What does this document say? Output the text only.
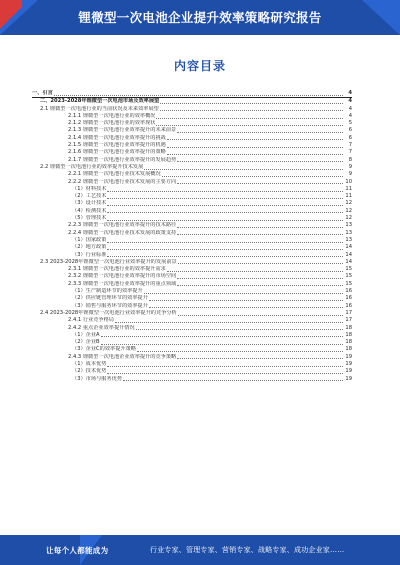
锂微型一次电池企业提升效率策略研究报告
内容目录
一、引言	4
二、2023-2028年锂微型一次电池市场及效率展望	4
2.1 锂微型一次电池行业的当前状况及未来效率展望	4
2.1.1 锂微型一次电池行业的效率概况	4
2.1.2 锂微型一次电池行业的效率现状	5
2.1.3 锂微型一次电池行业效率提升的未来前景	6
2.1.4 锂微型一次电池行业效率提升的挑战	6
2.1.5 锂微型一次电池行业效率提升的机遇	7
2.1.6 锂微型一次电池行业效率提升的策略	7
2.1.7 锂微型一次电池行业效率提升的发展趋势	8
2.2 锂微型一次电池行业的效率提升技术发展	9
2.2.1 锂微型一次电池行业技术发展概况	9
2.2.2 锂微型一次电池行业技术发展的主要方向	10
（1）材料技术	11
（2）工艺技术	11
（3）设计技术	12
（4）检测技术	12
（5）管理技术	12
2.2.3 锂微型一次电池行业效率提升的技术路径	13
2.2.4 锂微型一次电池行业技术发展的政策支持	13
（1）国家政策	13
（2）地方政策	14
（3）行业标准	14
2.3 2023-2028年锂微型一次电池行业效率提升的发展前景	14
2.3.1 锂微型一次电池行业的效率提升需求	15
2.3.2 锂微型一次电池行业效率提升的市场空间	15
2.3.3 锂微型一次电池行业效率提升的重点领域	15
（1）生产制造环节的效率提升	16
（2）供应链管理环节的效率提升	16
（3）销售与服务环节的效率提升	16
2.4 2023-2028年锂微型一次电池行业效率提升的竞争分析	17
2.4.1 行业竞争格局	17
2.4.2 重点企业效率提升情况	18
（1）企业A	18
（2）企业B	18
（3）企业C的效率提升策略	18
2.4.3 锂微型一次电池企业效率提升的竞争策略	19
（1）成本优势	19
（2）技术优势	19
（3）市场与服务优势	19
让每个人都能成为	行业专家、管理专家、营销专家、战略专家、成功企业家……
